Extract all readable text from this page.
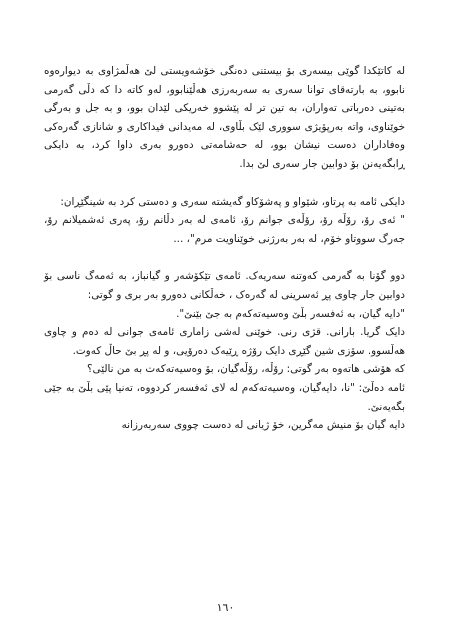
لە کاتێکدا گوێی بیسەری بۆ بیستنی دەنگی خۆشەویستی لێ هەڵمژاوی بە دیوارەوە نابوو، بە بارتەقای توانا سەری بە سەربەرزی هەڵێنابوو، لەو کاتە دا کە دڵی گەرمی بەتینی دەرباتی تەواران، بە تین تر لە پێشوو خەریکی لێدان بوو، و بە جل و بەرگی خوێناوی، واتە بەرپۆیژی سووری لێک بڵاوی، لە مەیدانی فیداکاری و شانازی گەرەکی وەفاداران دەست نیشان بوو، لە حەشامەتی دەورو بەری داوا کرد، بە دایکی ڕابگەیەنن بۆ دوابین جار سەری لێ بدا.

دایکی ئامە بە پرتاو، شێواو و پەشۆکاو گەیشتە سەری و دەستی کرد بە شینگێڕان:

" ئەی رۆ، رۆڵە رۆ، رۆڵەی جوانم رۆ، ئامەی لە بەر دڵانم رۆ، پەری ئەشمیلانم رۆ، جەرگ سووتاو خۆم، لە بەر بەرژنی خوێناویت مرم"، ...

دوو گۆنا بە گەرمی کەوتنە سەریەک. ئامەی تێکۆشەر و گیانباز، بە ئەمەگ ناسی بۆ دوابین جار چاوی پڕ ئەسرینی لە گەرەک ، خەڵکانی دەورو بەر بری و گوتی:

"دایە گیان، بە ئەفسەر بڵێ وەسیەتەکەم بە جێ بێنێ".

دایک گریا. بارانی. قژی رنی. خوێنی لەشی زاماری ئامەی جوانی لە دەم و چاوی هەڵسوو. سۆزی شین گێڕی دایک رۆژە ڕێیەک دەرۆیی، و لە پڕ بێ حاڵ کەوت.

کە هۆشی هاتەوە بەر گوتی: رۆڵە، رۆڵەگیان، بۆ وەسیەتەکەت بە من نالێی؟

ئامە دەڵێ: "نا، دایەگیان، وەسیەتەکەم لە لای ئەفسەر کردووە، تەنیا پێی بڵێ بە جێی بگەیەنێ.

دایە گیان بۆ منیش مەگرین، خۆ ژیانی لە دەست چووی سەربەرزانە

١٦٠
